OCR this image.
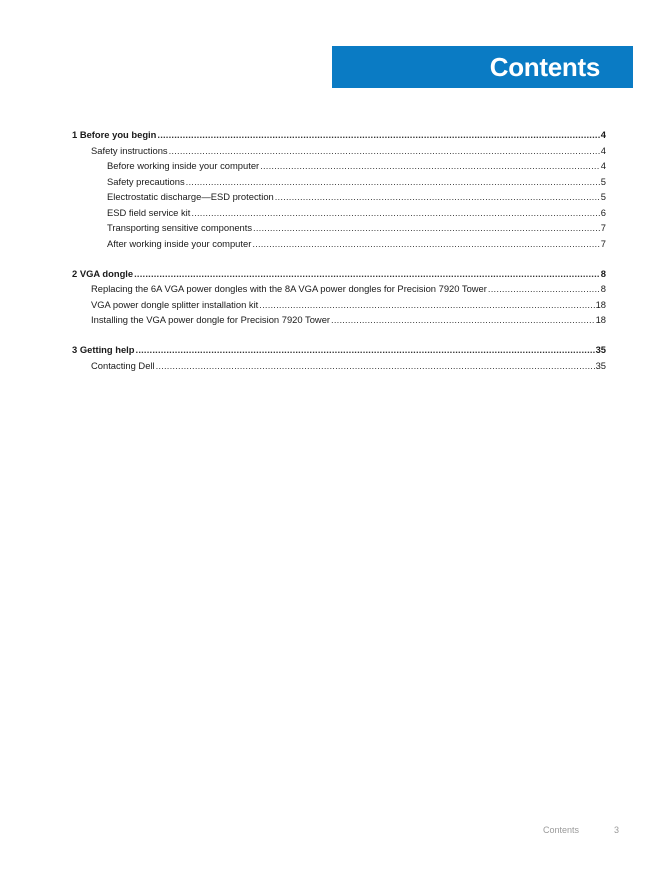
Contents
1 Before you begin .....	4
Safety instructions .....	4
Before working inside your computer .....	4
Safety precautions .....	5
Electrostatic discharge—ESD protection .....	5
ESD field service kit .....	6
Transporting sensitive components .....	7
After working inside your computer .....	7
2 VGA dongle .....	8
Replacing the 6A VGA power dongles with the 8A VGA power dongles for Precision 7920 Tower .....	8
VGA power dongle splitter installation kit .....	18
Installing the VGA power dongle for Precision 7920 Tower .....	18
3 Getting help .....	35
Contacting Dell .....	35
Contents	3
